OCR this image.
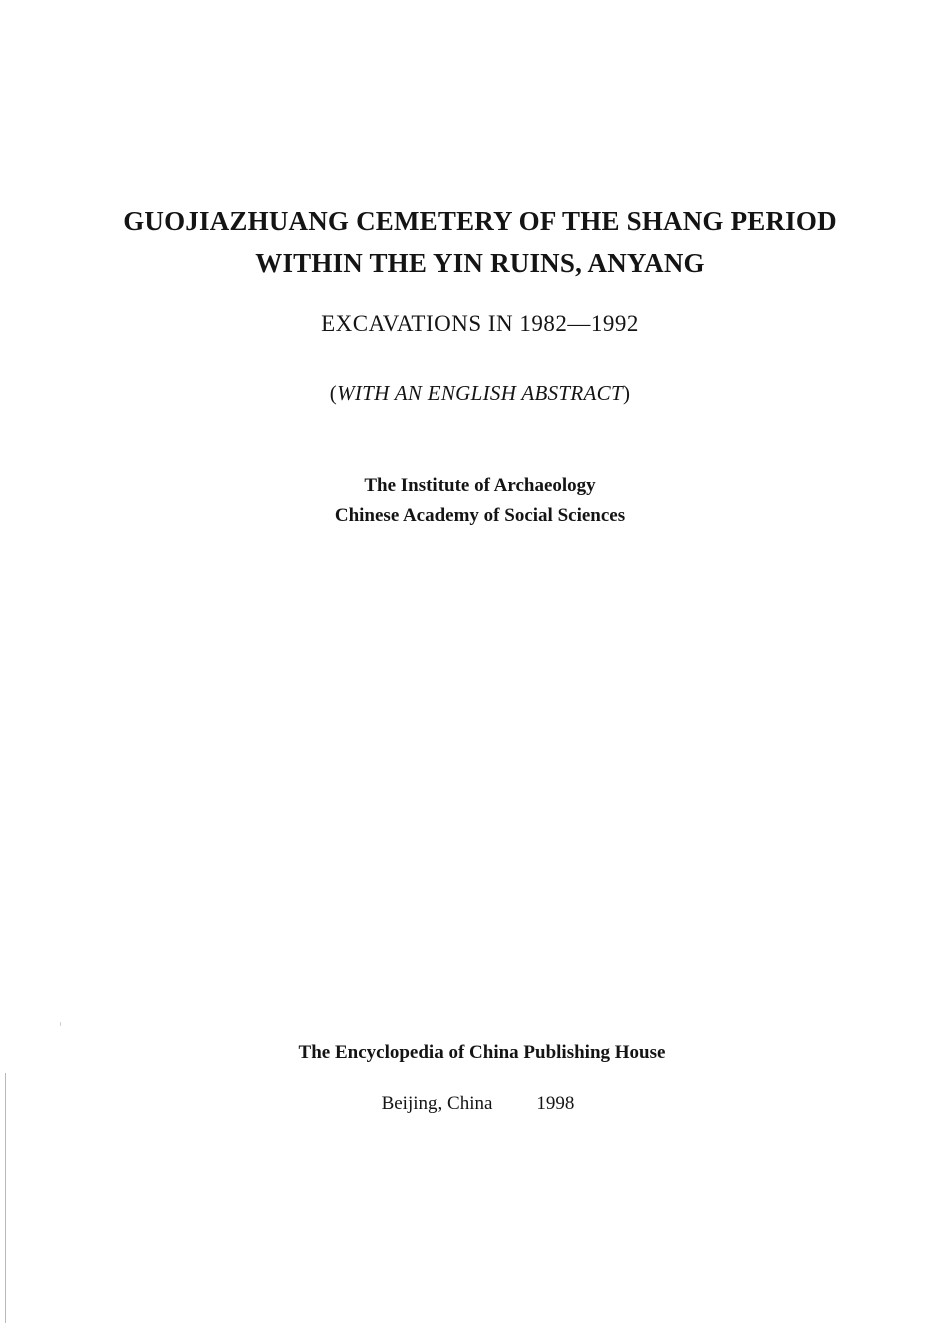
GUOJIAZHUANG CEMETERY OF THE SHANG PERIOD
WITHIN THE YIN RUINS, ANYANG
EXCAVATIONS IN 1982—1992
(WITH AN ENGLISH ABSTRACT)
The Institute of Archaeology
Chinese Academy of Social Sciences
The Encyclopedia of China Publishing House
Beijing, China 1998
